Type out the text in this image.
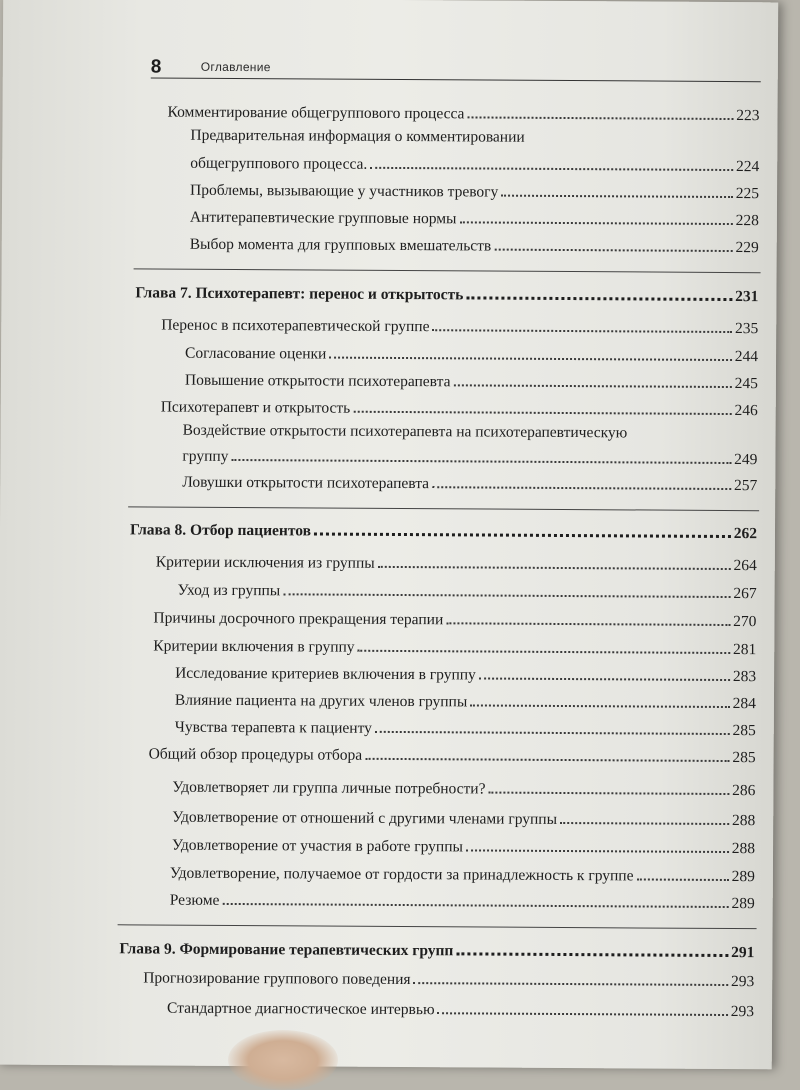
8	Оглавление
Комментирование общегруппового процесса	223
Предварительная информация о комментировании
общегруппового процесса.	224
Проблемы, вызывающие у участников тревогу	225
Антитерапевтические групповые нормы	228
Выбор момента для групповых вмешательств	229
Глава 7. Психотерапевт: перенос и открытость	231
Перенос в психотерапевтической группе	235
Согласование оценки	244
Повышение открытости психотерапевта	245
Психотерапевт и открытость	246
Воздействие открытости психотерапевта на психотерапевтическую
группу	249
Ловушки открытости психотерапевта	257
Глава 8. Отбор пациентов	262
Критерии исключения из группы	264
Уход из группы	267
Причины досрочного прекращения терапии	270
Критерии включения в группу	281
Исследование критериев включения в группу	283
Влияние пациента на других членов группы	284
Чувства терапевта к пациенту	285
Общий обзор процедуры отбора	285
Удовлетворяет ли группа личные потребности?	286
Удовлетворение от отношений с другими членами группы	288
Удовлетворение от участия в работе группы	288
Удовлетворение, получаемое от гордости за принадлежность к группе	289
Резюме	289
Глава 9. Формирование терапевтических групп	291
Прогнозирование группового поведения	293
Стандартное диагностическое интервью	293
